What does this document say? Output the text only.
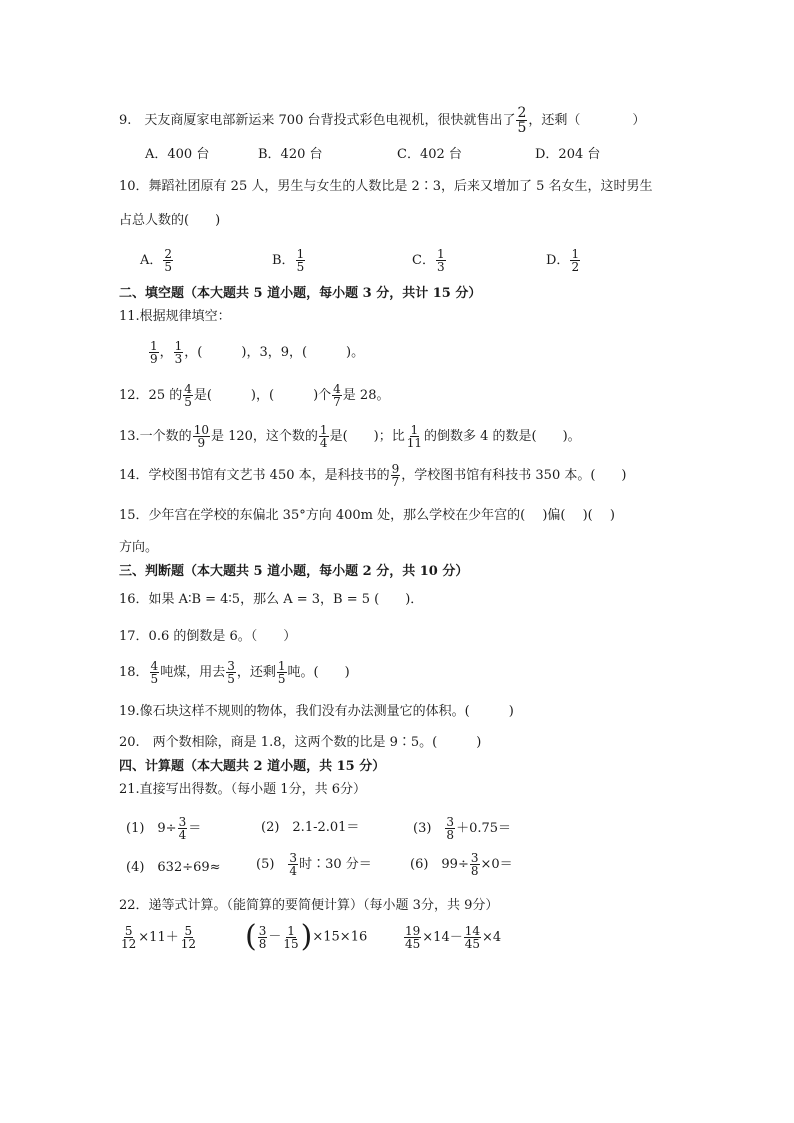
9.　天友商厦家电部新运来 700 台背投式彩色电视机，很快就售出了 $\frac{2}{5}$ ，还剩（　　　　）
A．400 台	B．420 台	C．402 台	D．204 台
10．舞蹈社团原有 25 人，男生与女生的人数比是 2∶3，后来又增加了 5 名女生，这时男生
占总人数的(　　)
A． $\frac{2}{5}$	B． $\frac{1}{5}$	C． $\frac{1}{3}$	D． $\frac{1}{2}$
二、填空题（本大题共 5 道小题，每小题 3 分，共计 15 分）
11.根据规律填空：
$\frac{1}{9}$ ， $\frac{1}{3}$ ，(　　　)，3，9，(　　　)。
12．25 的 $\frac{4}{5}$ 是(　　　)，(　　　)个 $\frac{4}{7}$ 是 28。
13.一个数的 $\frac{10}{9}$ 是 120，这个数的 $\frac{1}{4}$ 是(　　)；比 $\frac{1}{11}$ 的倒数多 4 的数是(　　)。
14．学校图书馆有文艺书 450 本，是科技书的 $\frac{9}{7}$ ，学校图书馆有科技书 350 本。(　　)
15．少年宫在学校的东偏北 35°方向 400m 处，那么学校在少年宫的(　 )偏(　 )(　 )
方向。
三、判断题（本大题共 5 道小题，每小题 2 分，共 10 分）
16．如果 A∶B = 4∶5，那么 A = 3，B = 5 (　　)．
17．0.6 的倒数是 6。（　　）
18． $\frac{4}{5}$ 吨煤，用去 $\frac{3}{5}$ ，还剩 $\frac{1}{5}$ 吨。(　　)
19.像石块这样不规则的物体，我们没有办法测量它的体积。(　　　)
20.　两个数相除，商是 1.8，这两个数的比是 9∶5。(　　　)
四、计算题（本大题共 2 道小题，共 15 分）
21.直接写出得数。（每小题 1分，共 6分）
(1)　$9\div \frac{3}{4}$ ＝	(2)　2.1-2.01＝	(3)　 $\frac{3}{8} +0.75=$
(4)　632÷69≈	(5)　 $\frac{3}{4}$ 时∶30 分＝	(6)　$99\div \frac{3}{8} \times 0=$
22．递等式计算。（能简算的要简便计算）（每小题 3分，共 9分）
$\frac{5}{12} \times 11+ \frac{5}{12}$ ( $\frac{3}{8} - \frac{1}{15} )\times 15\times 16$	$\frac{19}{45} \times 14- \frac{14}{45} \times 4$
